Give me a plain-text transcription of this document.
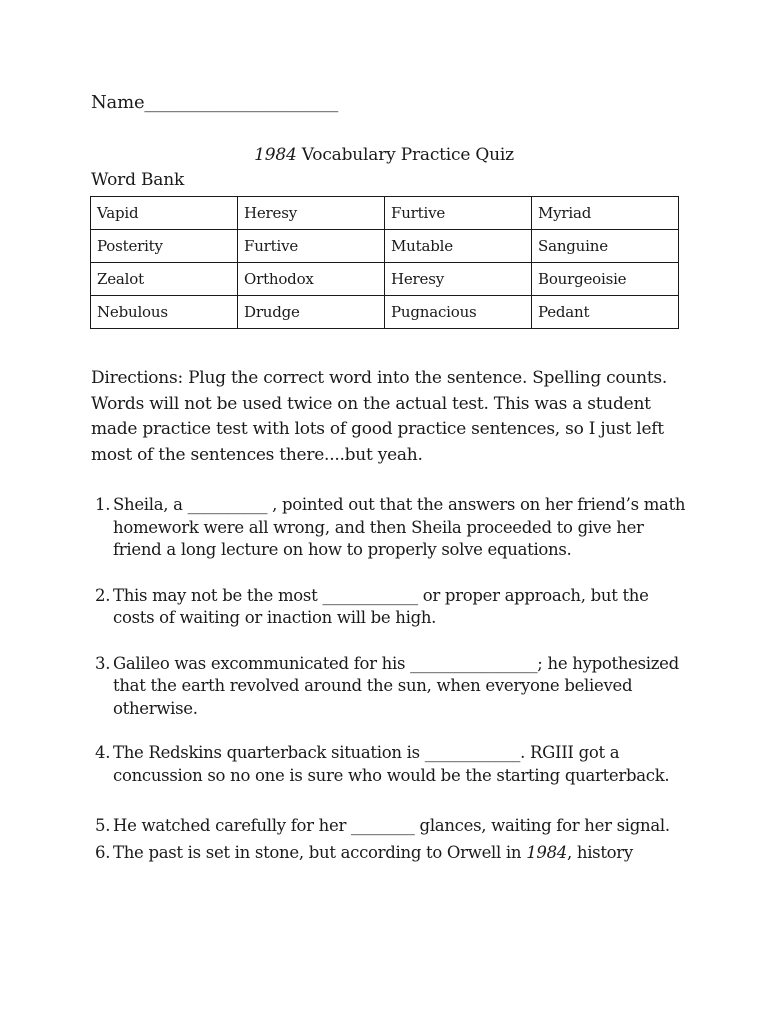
Name______________________
1984 Vocabulary Practice Quiz
Word Bank
Vapid	Heresy	Furtive	Myriad
Posterity	Furtive	Mutable	Sanguine
Zealot	Orthodox	Heresy	Bourgeoisie
Nebulous	Drudge	Pugnacious	Pedant

Directions: Plug the correct word into the sentence. Spelling counts. Words will not be used twice on the actual test. This was a student made practice test with lots of good practice sentences, so I just left most of the sentences there....but yeah.

1. Sheila, a __________ , pointed out that the answers on her friend’s math homework were all wrong, and then Sheila proceeded to give her friend a long lecture on how to properly solve equations.
2. This may not be the most ____________ or proper approach, but the costs of waiting or inaction will be high.
3. Galileo was excommunicated for his ________________; he hypothesized that the earth revolved around the sun, when everyone believed otherwise.
4. The Redskins quarterback situation is ____________. RGIII got a concussion so no one is sure who would be the starting quarterback.
5. He watched carefully for her ________ glances, waiting for her signal.
6. The past is set in stone, but according to Orwell in 1984, history
